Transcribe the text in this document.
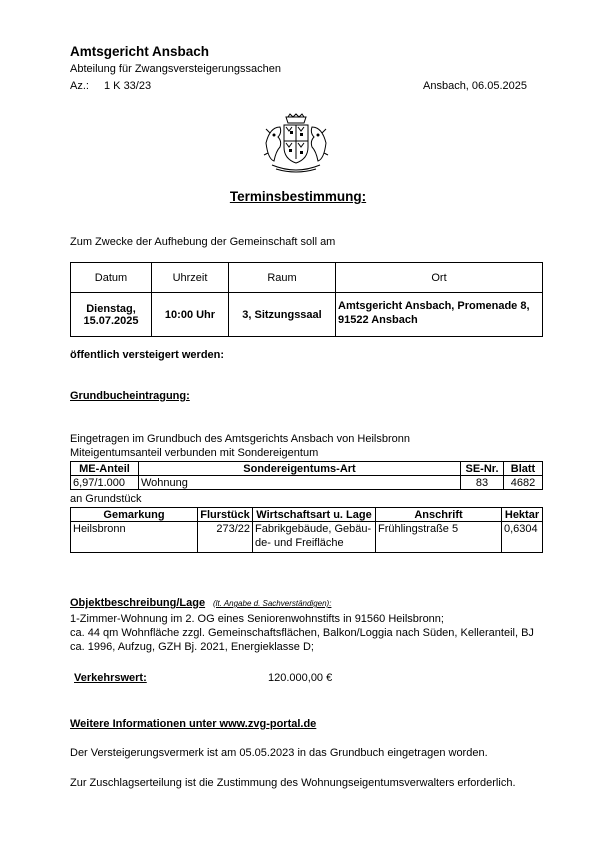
Amtsgericht Ansbach
Abteilung für Zwangsversteigerungssachen
Az.: 1 K 33/23	Ansbach, 06.05.2025
Terminsbestimmung:
Zum Zwecke der Aufhebung der Gemeinschaft soll am
Datum	Uhrzeit	Raum	Ort
Dienstag,
15.07.2025	10:00 Uhr	3, Sitzungssaal	Amtsgericht Ansbach, Promenade 8,
91522 Ansbach
öffentlich versteigert werden:
Grundbucheintragung:
Eingetragen im Grundbuch des Amtsgerichts Ansbach von Heilsbronn
Miteigentumsanteil verbunden mit Sondereigentum
ME-Anteil	Sondereigentums-Art	SE-Nr.	Blatt
6,97/1.000	Wohnung	83	4682
an Grundstück
Gemarkung	Flurstück	Wirtschaftsart u. Lage	Anschrift	Hektar
Heilsbronn	273/22	Fabrikgebäude, Gebäu-
de- und Freifläche	Frühlingstraße 5	0,6304
Objektbeschreibung/Lage (lt. Angabe d. Sachverständigen):
1-Zimmer-Wohnung im 2. OG eines Seniorenwohnstifts in 91560 Heilsbronn;
ca. 44 qm Wohnfläche zzgl. Gemeinschaftsflächen, Balkon/Loggia nach Süden, Kelleranteil, BJ
ca. 1996, Aufzug, GZH Bj. 2021, Energieklasse D;
Verkehrswert:	120.000,00 €
Weitere Informationen unter www.zvg-portal.de
Der Versteigerungsvermerk ist am 05.05.2023 in das Grundbuch eingetragen worden.
Zur Zuschlagserteilung ist die Zustimmung des Wohnungseigentumsverwalters erforderlich.
